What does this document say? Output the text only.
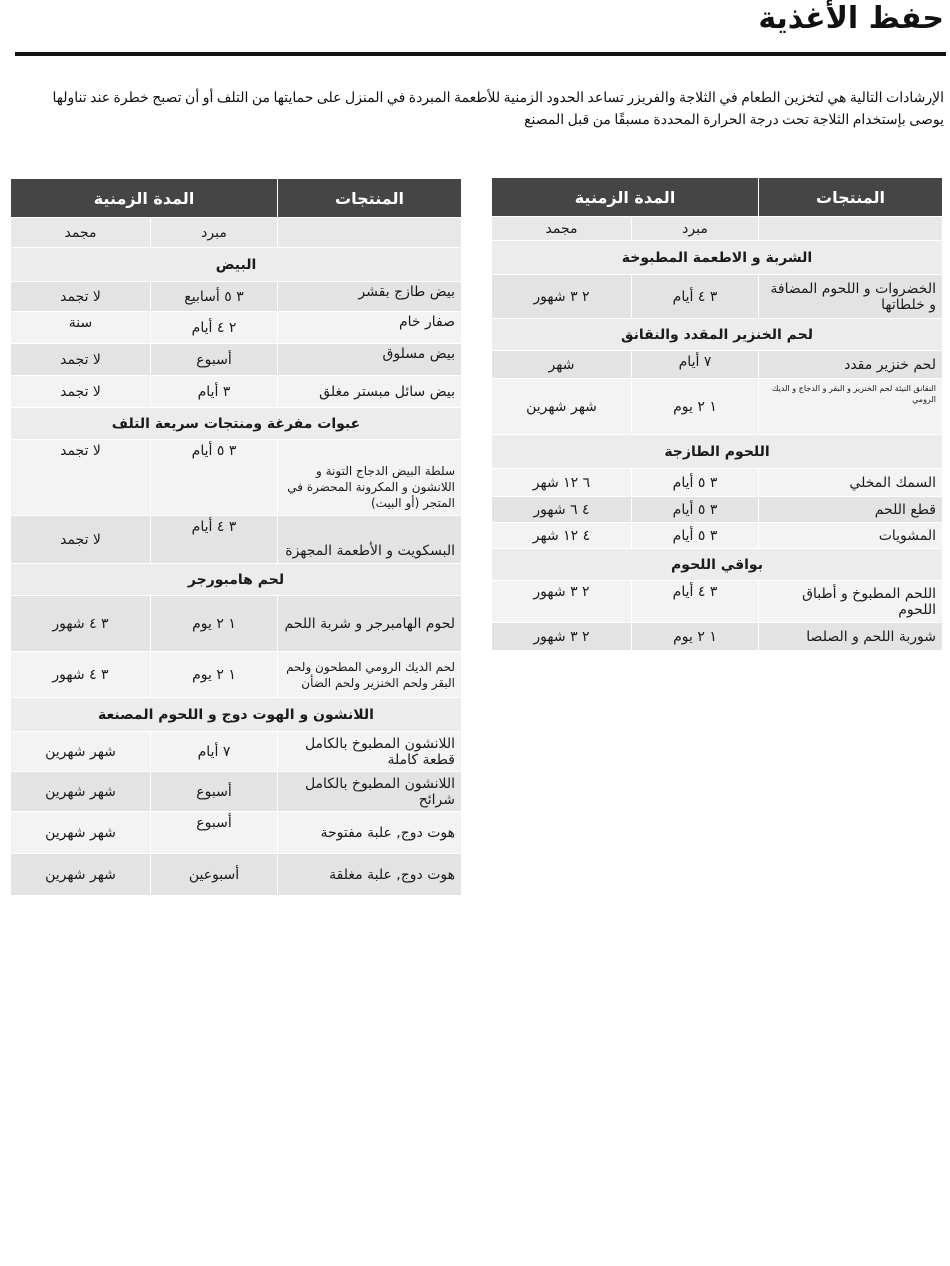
حفظ الأغذية

الإرشادات التالية هي لتخزين الطعام في الثلاجة والفريزر تساعد الحدود الزمنية للأطعمة المبردة في المنزل على حمايتها من التلف أو أن تصبح خطرة عند تناولها

يوصى بإستخدام الثلاجة تحت درجة الحرارة المحددة مسبقًا من قبل المصنع

المنتجات	المدة الزمنية	
	مبرد	مجمد
الشربة و الاطعمة المطبوخة		
الخضروات و اللحوم المضافة و خلطاتها	٣ ٤ أيام	٢ ٣ شهور
لحم الخنزير المقدد والنقانق		
لحم خنزير مقدد	٧ أيام	شهر
النقانق النيئة لحم الخنزير و البقر و الدجاج و الديك الرومي	١ ٢ يوم	شهر شهرين
اللحوم الطازجة		
السمك المخلي	٣ ٥ أيام	٦ ١٢ شهر
قطع اللحم	٣ ٥ أيام	٤ ٦ شهور
المشويات	٣ ٥ أيام	٤ ١٢ شهر
بواقي اللحوم		
اللحم المطبوخ و أطباق اللحوم	٣ ٤ أيام	٢ ٣ شهور
شوربة اللحم و الصلصا	١ ٢ يوم	٢ ٣ شهور
المنتجات	المدة الزمنية	
	مبرد	مجمد
البيض		
بيض طازج بقشر	٣ ٥ أسابيع	لا تجمد
صفار خام	٢ ٤ أيام	سنة
بيض مسلوق	أسبوع	لا تجمد
بيض سائل مبستر مغلق	٣ أيام	لا تجمد
عبوات مفرغة ومنتجات سريعة التلف		
سلطة البيض الدجاج التونة و اللانشون و المكرونة المحضرة في المتجر (أو البيت)	٣ ٥ أيام	لا تجمد
البسكويت و الأطعمة المجهزة	٣ ٤ أيام	لا تجمد
لحم هامبورجر		
لحوم الهامبرجر و شربة اللحم	١ ٢ يوم	٣ ٤ شهور
لحم الديك الرومي المطحون ولحم البقر ولحم الخنزير ولحم الضأن	١ ٢ يوم	٣ ٤ شهور
اللانشون و الهوت دوج و اللحوم المصنعة		
اللانشون المطبوخ بالكامل قطعة كاملة	٧ أيام	شهر شهرين
اللانشون المطبوخ بالكامل شرائح	أسبوع	شهر شهرين
هوت دوج, علبة مفتوحة	أسبوع	شهر شهرين
هوت دوج, علبة مغلقة	أسبوعين	شهر شهرين
